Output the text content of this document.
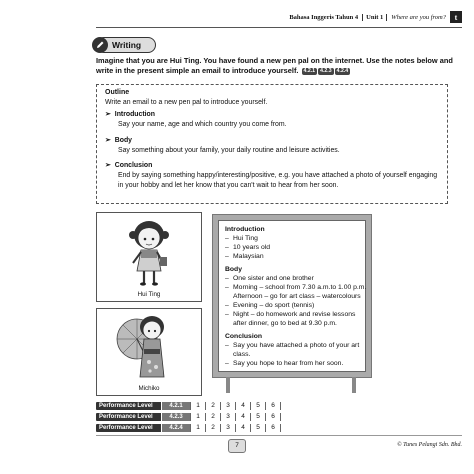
Bahasa Inggeris Tahun 4	Unit 1	Where are you from?	t
Writing
Imagine that you are Hui Ting. You have found a new pen pal on the internet. Use the notes below and write in the present simple an email to introduce yourself. 4.2.1 4.2.3 4.2.4
Outline
Write an email to a new pen pal to introduce yourself.
➢ Introduction
Say your name, age and which country you come from.
➢ Body
Say something about your family, your daily routine and leisure activities.
➢ Conclusion
End by saying something happy/interesting/positive, e.g. you have attached a photo of yourself engaging in your hobby and let her know that you can't wait to hear from her soon.
Hui Ting
Michiko
Introduction
– Hui Ting
– 10 years old
– Malaysian
Body
– One sister and one brother
– Morning – school from 7.30 a.m.to 1.00 p.m. Afternoon – go for art class – watercolours
– Evening – do sport (tennis)
– Night – do homework and revise lessons after dinner, go to bed at 9.30 p.m.
Conclusion
– Say you have attached a photo of your art class.
– Say you hope to hear from her soon.
Performance Level	4.2.1	1	2	3	4	5	6
Performance Level	4.2.3	1	2	3	4	5	6
Performance Level	4.2.4	1	2	3	4	5	6
7	© Tunes Pelangi Sdn. Bhd.
